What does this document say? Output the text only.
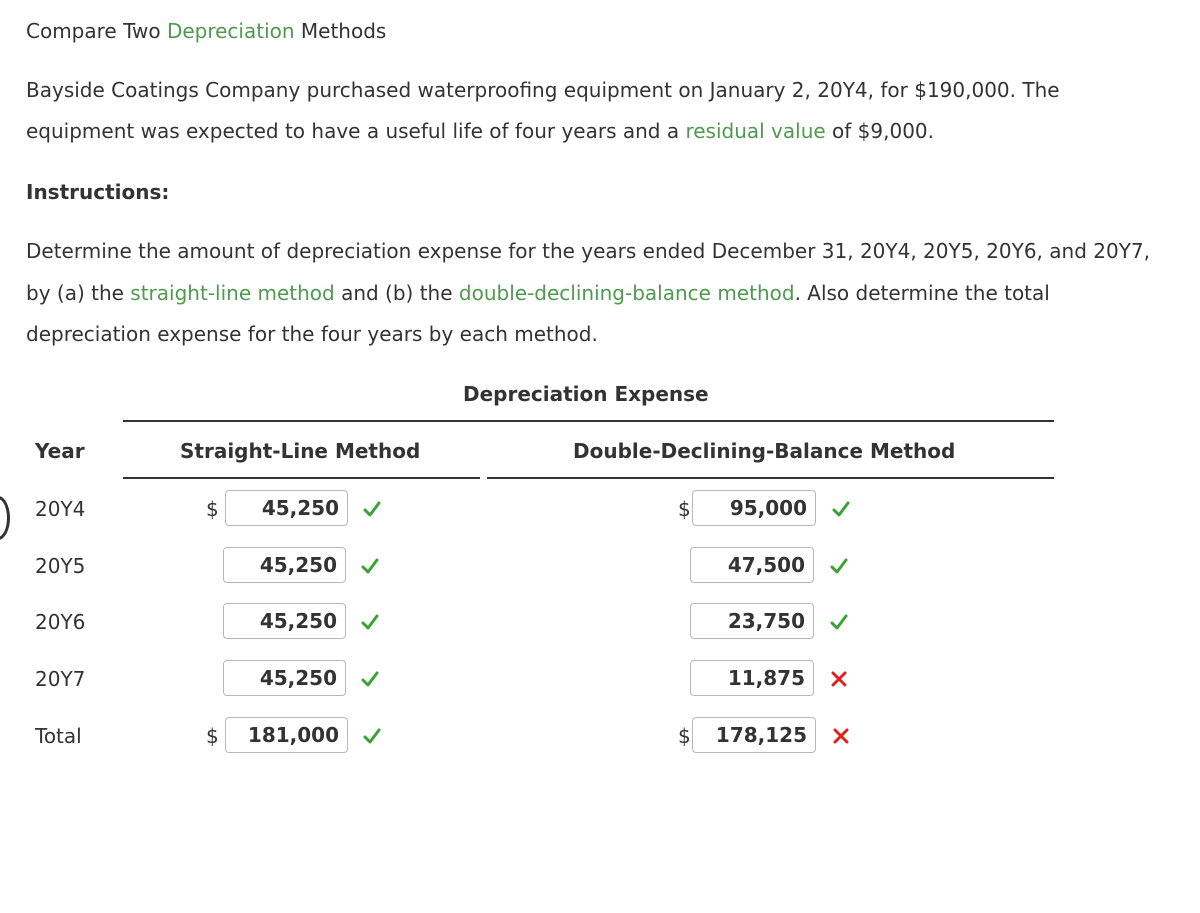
Compare Two Depreciation Methods
Bayside Coatings Company purchased waterproofing equipment on January 2, 20Y4, for $190,000. The
equipment was expected to have a useful life of four years and a residual value of $9,000.
Instructions:
Determine the amount of depreciation expense for the years ended December 31, 20Y4, 20Y5, 20Y6, and 20Y7,
by (a) the straight-line method and (b) the double-declining-balance method. Also determine the total
depreciation expense for the four years by each method.
Depreciation Expense
Year	Straight-Line Method	Double-Declining-Balance Method
20Y4	$	45,250	$	95,000
20Y5	45,250	47,500
20Y6	45,250	23,750
20Y7	45,250	11,875
Total	$	181,000	$	178,125
